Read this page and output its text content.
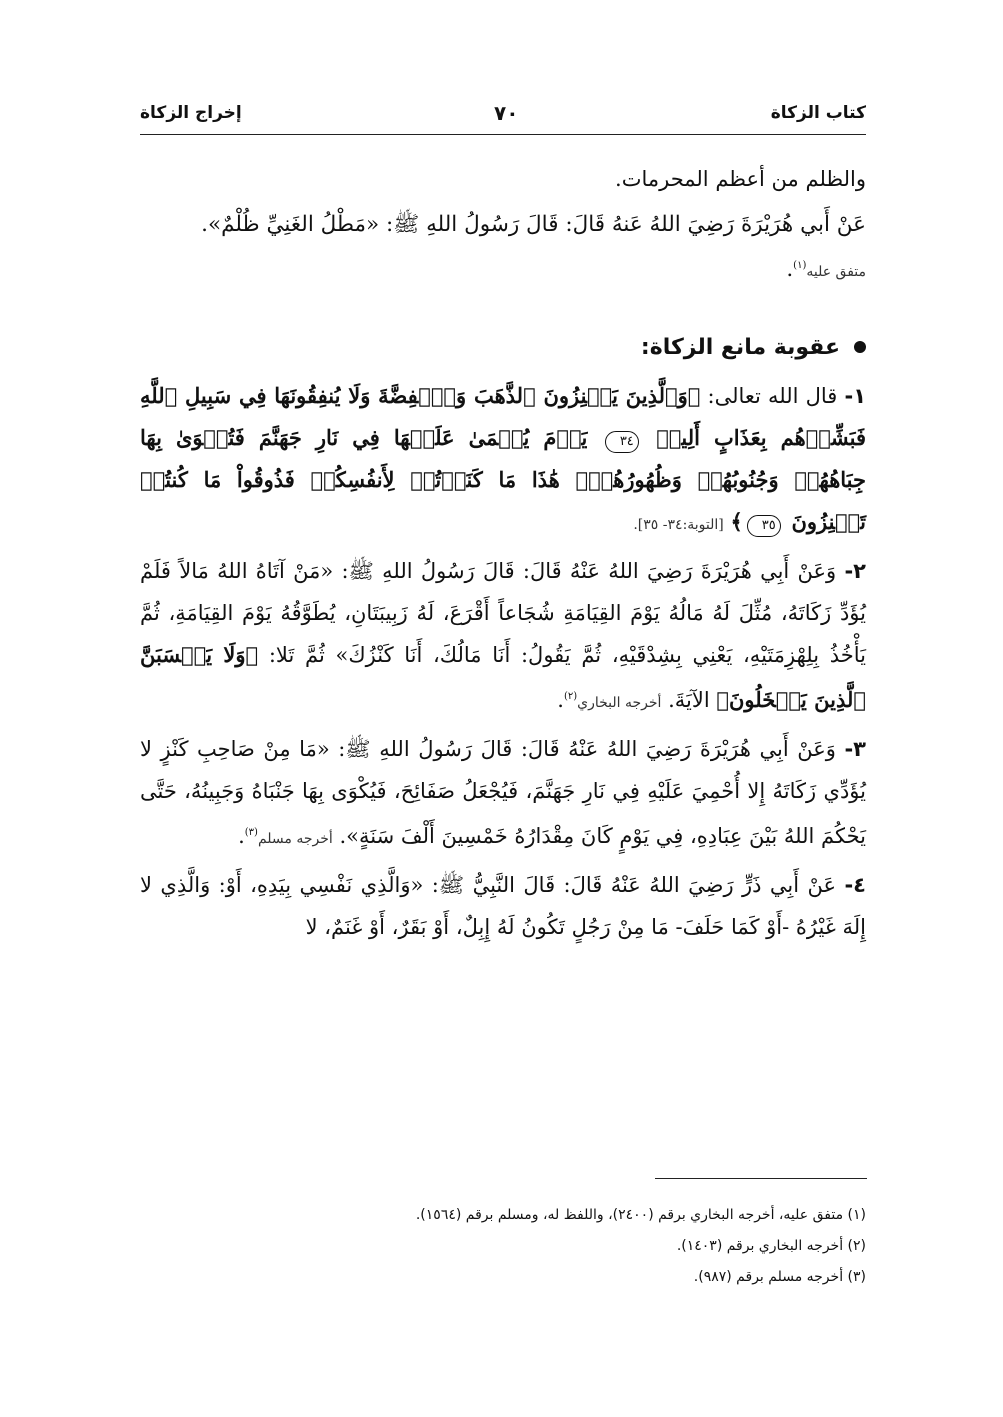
كتاب الزكاة
٧٠
إخراج الزكاة

والظلم من أعظم المحرمات.

عَنْ أَبي هُرَيْرَةَ رَضِيَ اللهُ عَنهُ قَالَ: قَالَ رَسُولُ اللهِ ﷺ: «مَطْلُ الغَنِيِّ ظُلْمٌ».
متفق عليه$^{(١)}$.

عقوبة مانع الزكاة:

١- قال الله تعالى: ﴿وَٱلَّذِينَ يَكۡنِزُونَ ٱلذَّهَبَ وَٱلۡفِضَّةَ وَلَا يُنفِقُونَهَا فِي سَبِيلِ ٱللَّهِ فَبَشِّرۡهُم بِعَذَابٍ أَلِيمٖ ٣٤ يَوۡمَ يُحۡمَىٰ عَلَيۡهَا فِي نَارِ جَهَنَّمَ فَتُكۡوَىٰ بِهَا جِبَاهُهُمۡ وَجُنُوبُهُمۡ وَظُهُورُهُمۡۖ هَٰذَا مَا كَنَزۡتُمۡ لِأَنفُسِكُمۡ فَذُوقُواْ مَا كُنتُمۡ تَكۡنِزُونَ ٣٥﴾ [التوبة:٣٤- ٣٥].

٢- وَعَنْ أَبِي هُرَيْرَةَ رَضِيَ اللهُ عَنْهُ قَالَ: قَالَ رَسُولُ اللهِ ﷺ: «مَنْ آتَاهُ اللهُ مَالاً فَلَمْ يُؤَدِّ زَكَاتَهُ، مُثِّلَ لَهُ مَالُهُ يَوْمَ القِيَامَةِ شُجَاعاً أَقْرَعَ، لَهُ زَبِيبَتَانِ، يُطَوَّقُهُ يَوْمَ القِيَامَةِ، ثُمَّ يَأْخُذُ بِلِهْزِمَتَيْهِ، يَعْنِي بِشِدْقَيْهِ، ثُمَّ يَقُولُ: أَنَا مَالُكَ، أَنَا كَنْزُكَ» ثُمَّ تَلا: ﴿وَلَا يَحۡسَبَنَّ ٱلَّذِينَ يَبۡخَلُونَ﴾ الآيَةَ. أخرجه البخاري$^{(٢)}$.

٣- وَعَنْ أَبِي هُرَيْرَةَ رَضِيَ اللهُ عَنْهُ قَالَ: قَالَ رَسُولُ اللهِ ﷺ: «مَا مِنْ صَاحِبِ كَنْزٍ لا يُؤَدِّي زَكَاتَهُ إِلا أُحْمِيَ عَلَيْهِ فِي نَارِ جَهَنَّمَ، فَيُجْعَلُ صَفَائِحَ، فَيُكْوَى بِهَا جَنْبَاهُ وَجَبِينُهُ، حَتَّى يَحْكُمَ اللهُ بَيْنَ عِبَادِهِ، فِي يَوْمٍ كَانَ مِقْدَارُهُ خَمْسِينَ أَلْفَ سَنَةٍ». أخرجه مسلم$^{(٣)}$.

٤- عَنْ أَبِي ذَرٍّ رَضِيَ اللهُ عَنْهُ قَالَ: قَالَ النَّبِيُّ ﷺ: «وَالَّذِي نَفْسِي بِيَدِهِ، أَوْ: وَالَّذِي لا إِلَهَ غَيْرُهُ -أَوْ كَمَا حَلَفَ- مَا مِنْ رَجُلٍ تَكُونُ لَهُ إِبِلٌ، أَوْ بَقَرٌ، أَوْ غَنَمٌ، لا

(١) متفق عليه، أخرجه البخاري برقم (٢٤٠٠)، واللفظ له، ومسلم برقم (١٥٦٤).
(٢) أخرجه البخاري برقم (١٤٠٣).
(٣) أخرجه مسلم برقم (٩٨٧).
